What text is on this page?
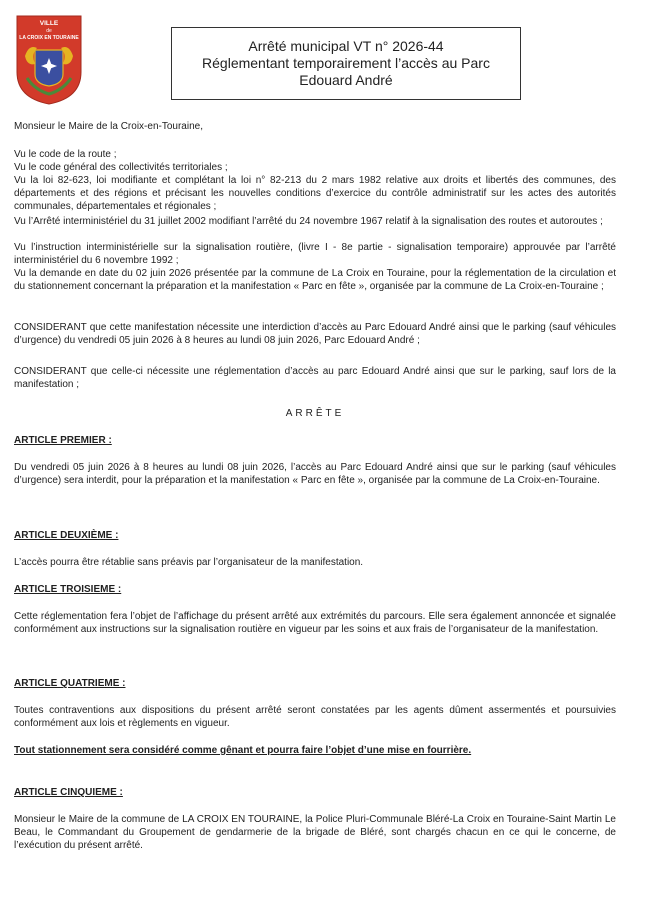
VILLE
de
LA CROIX EN TOURAINE	Arrêté municipal VT n° 2026-44
Réglementant temporairement l’accès au Parc
Edouard André

Monsieur le Maire de la Croix-en-Touraine,

Vu le code de la route ;

Vu le code général des collectivités territoriales ;

Vu la loi 82-623, loi modifiante et complétant la loi n° 82-213 du 2 mars 1982 relative aux droits et libertés des communes, des départements et des régions et précisant les nouvelles conditions d’exercice du contrôle administratif sur les actes des autorités communales, départementales et régionales ;

Vu l’Arrêté interministériel du 31 juillet 2002 modifiant l’arrêté du 24 novembre 1967 relatif à la signalisation des routes et autoroutes ;

Vu l’instruction interministérielle sur la signalisation routière, (livre I - 8e partie - signalisation temporaire) approuvée par l’arrêté interministériel du 6 novembre 1992 ;

Vu la demande en date du 02 juin 2026 présentée par la commune de La Croix en Touraine, pour la réglementation de la circulation et du stationnement concernant la préparation et la manifestation « Parc en fête », organisée par la commune de La Croix-en-Touraine ;

CONSIDERANT que cette manifestation nécessite une interdiction d’accès au Parc Edouard André ainsi que le parking (sauf véhicules d’urgence) du vendredi 05 juin 2026 à 8 heures au lundi 08 juin 2026, Parc Edouard André ;

CONSIDERANT que celle-ci nécessite une réglementation d’accès au parc Edouard André ainsi que sur le parking, sauf lors de la manifestation ;

ARRÊTE

ARTICLE PREMIER :

Du vendredi 05 juin 2026 à 8 heures au lundi 08 juin 2026, l’accès au Parc Edouard André ainsi que sur le parking (sauf véhicules d’urgence) sera interdit, pour la préparation et la manifestation « Parc en fête », organisée par la commune de La Croix-en-Touraine.

ARTICLE DEUXIÈME :

L’accès pourra être rétablie sans préavis par l’organisateur de la manifestation.

ARTICLE TROISIEME :

Cette réglementation fera l’objet de l’affichage du présent arrêté aux extrémités du parcours. Elle sera également annoncée et signalée conformément aux instructions sur la signalisation routière en vigueur par les soins et aux frais de l’organisateur de la manifestation.

ARTICLE QUATRIEME :

Toutes contraventions aux dispositions du présent arrêté seront constatées par les agents dûment assermentés et poursuivies conformément aux lois et règlements en vigueur.

Tout stationnement sera considéré comme gênant et pourra faire l’objet d’une mise en fourrière.

ARTICLE CINQUIEME :

Monsieur le Maire de la commune de LA CROIX EN TOURAINE, la Police Pluri-Communale Bléré-La Croix en Touraine-Saint Martin Le Beau, le Commandant du Groupement de gendarmerie de la brigade de Bléré, sont chargés chacun en ce qui le concerne, de l’exécution du présent arrêté.
